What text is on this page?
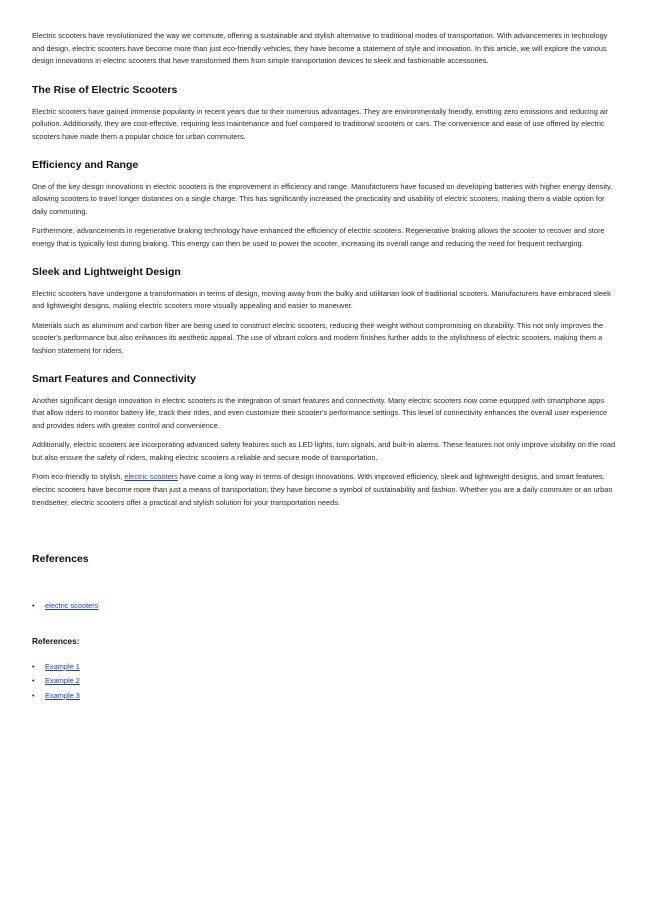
Electric scooters have revolutionized the way we commute, offering a sustainable and stylish alternative to traditional modes of transportation. With advancements in technology and design, electric scooters have become more than just eco-friendly vehicles; they have become a statement of style and innovation. In this article, we will explore the various design innovations in electric scooters that have transformed them from simple transportation devices to sleek and fashionable accessories.

The Rise of Electric Scooters

Electric scooters have gained immense popularity in recent years due to their numerous advantages. They are environmentally friendly, emitting zero emissions and reducing air pollution. Additionally, they are cost-effective, requiring less maintenance and fuel compared to traditional scooters or cars. The convenience and ease of use offered by electric scooters have made them a popular choice for urban commuters.

Efficiency and Range

One of the key design innovations in electric scooters is the improvement in efficiency and range. Manufacturers have focused on developing batteries with higher energy density, allowing scooters to travel longer distances on a single charge. This has significantly increased the practicality and usability of electric scooters, making them a viable option for daily commuting.

Furthermore, advancements in regenerative braking technology have enhanced the efficiency of electric scooters. Regenerative braking allows the scooter to recover and store energy that is typically lost during braking. This energy can then be used to power the scooter, increasing its overall range and reducing the need for frequent recharging.

Sleek and Lightweight Design

Electric scooters have undergone a transformation in terms of design, moving away from the bulky and utilitarian look of traditional scooters. Manufacturers have embraced sleek and lightweight designs, making electric scooters more visually appealing and easier to maneuver.

Materials such as aluminum and carbon fiber are being used to construct electric scooters, reducing their weight without compromising on durability. This not only improves the scooter's performance but also enhances its aesthetic appeal. The use of vibrant colors and modern finishes further adds to the stylishness of electric scooters, making them a fashion statement for riders.

Smart Features and Connectivity

Another significant design innovation in electric scooters is the integration of smart features and connectivity. Many electric scooters now come equipped with smartphone apps that allow riders to monitor battery life, track their rides, and even customize their scooter's performance settings. This level of connectivity enhances the overall user experience and provides riders with greater control and convenience.

Additionally, electric scooters are incorporating advanced safety features such as LED lights, turn signals, and built-in alarms. These features not only improve visibility on the road but also ensure the safety of riders, making electric scooters a reliable and secure mode of transportation.

From eco-friendly to stylish, electric scooters have come a long way in terms of design innovations. With improved efficiency, sleek and lightweight designs, and smart features, electric scooters have become more than just a means of transportation; they have become a symbol of sustainability and fashion. Whether you are a daily commuter or an urban trendsetter, electric scooters offer a practical and stylish solution for your transportation needs.

References
• electric scooters
References:
• Example 1
• Example 2
• Example 3
